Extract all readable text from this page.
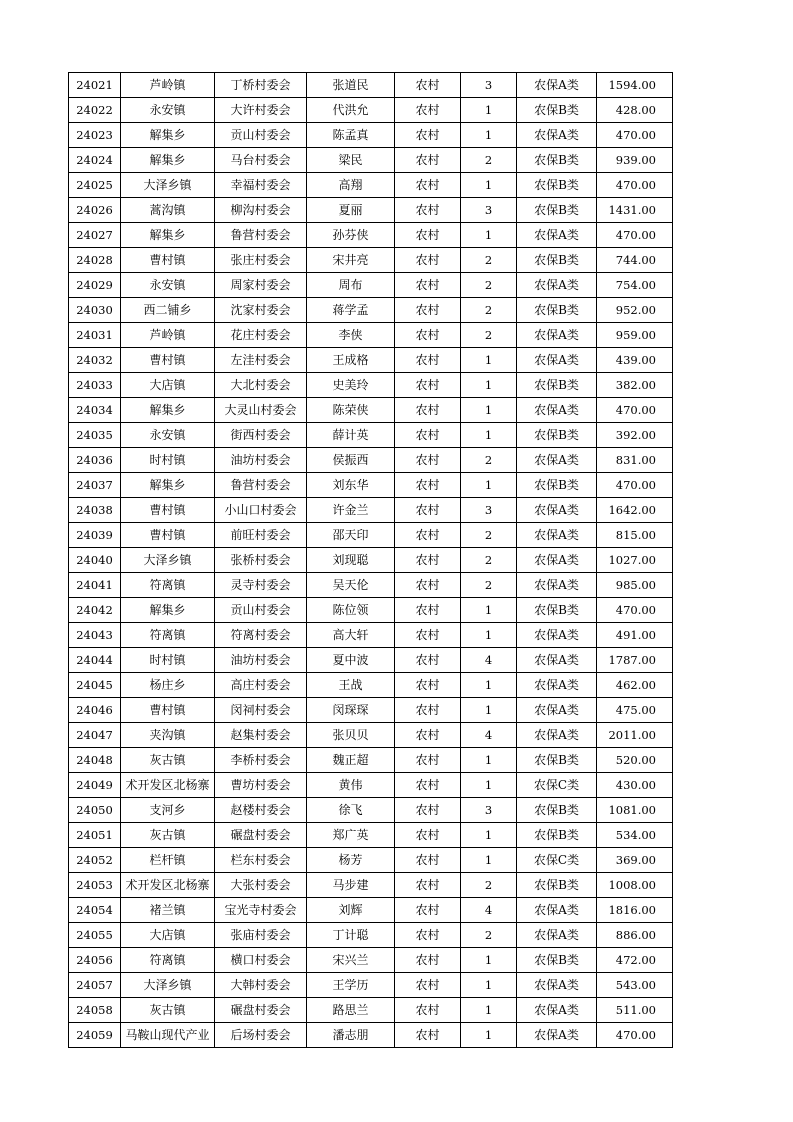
24021	芦岭镇	丁桥村委会	张道民	农村	3	农保A类	1594.00
24022	永安镇	大许村委会	代洪允	农村	1	农保B类	428.00
24023	解集乡	贡山村委会	陈孟真	农村	1	农保A类	470.00
24024	解集乡	马台村委会	梁民	农村	2	农保B类	939.00
24025	大泽乡镇	幸福村委会	高翔	农村	1	农保B类	470.00
24026	蒿沟镇	柳沟村委会	夏丽	农村	3	农保B类	1431.00
24027	解集乡	鲁营村委会	孙芬侠	农村	1	农保A类	470.00
24028	曹村镇	张庄村委会	宋井亮	农村	2	农保B类	744.00
24029	永安镇	周家村委会	周布	农村	2	农保A类	754.00
24030	西二铺乡	沈家村委会	蒋学孟	农村	2	农保B类	952.00
24031	芦岭镇	花庄村委会	李侠	农村	2	农保A类	959.00
24032	曹村镇	左洼村委会	王成格	农村	1	农保A类	439.00
24033	大店镇	大北村委会	史美玲	农村	1	农保B类	382.00
24034	解集乡	大灵山村委会	陈荣侠	农村	1	农保A类	470.00
24035	永安镇	街西村委会	薛计英	农村	1	农保B类	392.00
24036	时村镇	油坊村委会	侯振西	农村	2	农保A类	831.00
24037	解集乡	鲁营村委会	刘东华	农村	1	农保B类	470.00
24038	曹村镇	小山口村委会	许金兰	农村	3	农保A类	1642.00
24039	曹村镇	前旺村委会	邵天印	农村	2	农保A类	815.00
24040	大泽乡镇	张桥村委会	刘现聪	农村	2	农保A类	1027.00
24041	符离镇	灵寺村委会	吴天伦	农村	2	农保A类	985.00
24042	解集乡	贡山村委会	陈位领	农村	1	农保B类	470.00
24043	符离镇	符离村委会	高大轩	农村	1	农保A类	491.00
24044	时村镇	油坊村委会	夏中波	农村	4	农保A类	1787.00
24045	杨庄乡	高庄村委会	王战	农村	1	农保A类	462.00
24046	曹村镇	闵祠村委会	闵琛琛	农村	1	农保A类	475.00
24047	夹沟镇	赵集村委会	张贝贝	农村	4	农保A类	2011.00
24048	灰古镇	李桥村委会	魏正超	农村	1	农保B类	520.00
24049	术开发区北杨寨	曹坊村委会	黄伟	农村	1	农保C类	430.00
24050	支河乡	赵楼村委会	徐飞	农村	3	农保B类	1081.00
24051	灰古镇	碾盘村委会	郑广英	农村	1	农保B类	534.00
24052	栏杆镇	栏东村委会	杨芳	农村	1	农保C类	369.00
24053	术开发区北杨寨	大张村委会	马步建	农村	2	农保B类	1008.00
24054	褚兰镇	宝光寺村委会	刘辉	农村	4	农保A类	1816.00
24055	大店镇	张庙村委会	丁计聪	农村	2	农保A类	886.00
24056	符离镇	横口村委会	宋兴兰	农村	1	农保B类	472.00
24057	大泽乡镇	大韩村委会	王学历	农村	1	农保A类	543.00
24058	灰古镇	碾盘村委会	路思兰	农村	1	农保A类	511.00
24059	马鞍山现代产业	后场村委会	潘志朋	农村	1	农保A类	470.00
